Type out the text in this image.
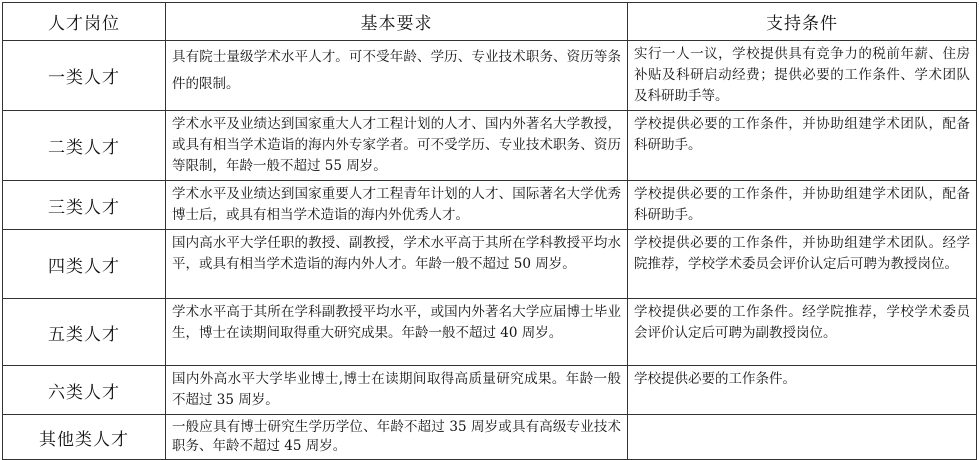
人才岗位	基本要求	支持条件
一类人才	具有院士量级学术水平人才。可不受年龄、学历、专业技术职务、资历等条件的限制。	实行一人一议，学校提供具有竞争力的税前年薪、住房补贴及科研启动经费；提供必要的工作条件、学术团队及科研助手等。
二类人才	学术水平及业绩达到国家重大人才工程计划的人才、国内外著名大学教授，或具有相当学术造诣的海内外专家学者。可不受学历、专业技术职务、资历等限制，年龄一般不超过 55 周岁。	学校提供必要的工作条件，并协助组建学术团队，配备科研助手。
三类人才	学术水平及业绩达到国家重要人才工程青年计划的人才、国际著名大学优秀博士后，或具有相当学术造诣的海内外优秀人才。	学校提供必要的工作条件，并协助组建学术团队，配备科研助手。
四类人才	国内高水平大学任职的教授、副教授，学术水平高于其所在学科教授平均水平，或具有相当学术造诣的海内外人才。年龄一般不超过 50 周岁。	学校提供必要的工作条件，并协助组建学术团队。经学院推荐，学校学术委员会评价认定后可聘为教授岗位。
五类人才	学术水平高于其所在学科副教授平均水平，或国内外著名大学应届博士毕业生，博士在读期间取得重大研究成果。年龄一般不超过 40 周岁。	学校提供必要的工作条件。经学院推荐，学校学术委员会评价认定后可聘为副教授岗位。
六类人才	国内外高水平大学毕业博士,博士在读期间取得高质量研究成果。年龄一般不超过 35 周岁。	学校提供必要的工作条件。
其他类人才	一般应具有博士研究生学历学位、年龄不超过 35 周岁或具有高级专业技术职务、年龄不超过 45 周岁。	
